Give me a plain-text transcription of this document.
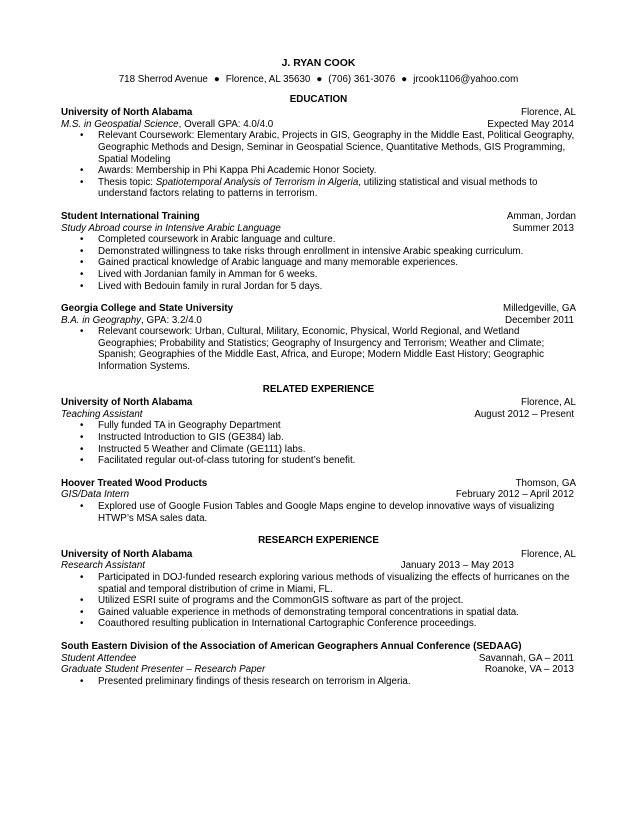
J. RYAN COOK
718 Sherrod Avenue ● Florence, AL 35630 ● (706) 361-3076 ● jrcook1106@yahoo.com
EDUCATION
University of North Alabama	Florence, AL
M.S. in Geospatial Science, Overall GPA: 4.0/4.0	Expected May 2014
• Relevant Coursework: Elementary Arabic, Projects in GIS, Geography in the Middle East, Political Geography, Geographic Methods and Design, Seminar in Geospatial Science, Quantitative Methods, GIS Programming, Spatial Modeling
• Awards: Membership in Phi Kappa Phi Academic Honor Society.
• Thesis topic: Spatiotemporal Analysis of Terrorism in Algeria, utilizing statistical and visual methods to understand factors relating to patterns in terrorism.
Student International Training	Amman, Jordan
Study Abroad course in Intensive Arabic Language	Summer 2013
• Completed coursework in Arabic language and culture.
• Demonstrated willingness to take risks through enrollment in intensive Arabic speaking curriculum.
• Gained practical knowledge of Arabic language and many memorable experiences.
• Lived with Jordanian family in Amman for 6 weeks.
• Lived with Bedouin family in rural Jordan for 5 days.
Georgia College and State University	Milledgeville, GA
B.A. in Geography, GPA: 3.2/4.0	December 2011
• Relevant coursework: Urban, Cultural, Military, Economic, Physical, World Regional, and Wetland Geographies; Probability and Statistics; Geography of Insurgency and Terrorism; Weather and Climate; Spanish; Geographies of the Middle East, Africa, and Europe; Modern Middle East History; Geographic Information Systems.
RELATED EXPERIENCE
University of North Alabama	Florence, AL
Teaching Assistant	August 2012 – Present
• Fully funded TA in Geography Department
• Instructed Introduction to GIS (GE384) lab.
• Instructed 5 Weather and Climate (GE111) labs.
• Facilitated regular out-of-class tutoring for student’s benefit.
Hoover Treated Wood Products	Thomson, GA
GIS/Data Intern	February 2012 – April 2012
• Explored use of Google Fusion Tables and Google Maps engine to develop innovative ways of visualizing HTWP’s MSA sales data.
RESEARCH EXPERIENCE
University of North Alabama	Florence, AL
Research Assistant	January 2013 – May 2013
• Participated in DOJ-funded research exploring various methods of visualizing the effects of hurricanes on the spatial and temporal distribution of crime in Miami, FL.
• Utilized ESRI suite of programs and the CommonGIS software as part of the project.
• Gained valuable experience in methods of demonstrating temporal concentrations in spatial data.
• Coauthored resulting publication in International Cartographic Conference proceedings.
South Eastern Division of the Association of American Geographers Annual Conference (SEDAAG)
Student Attendee	Savannah, GA – 2011
Graduate Student Presenter – Research Paper	Roanoke, VA – 2013
• Presented preliminary findings of thesis research on terrorism in Algeria.
